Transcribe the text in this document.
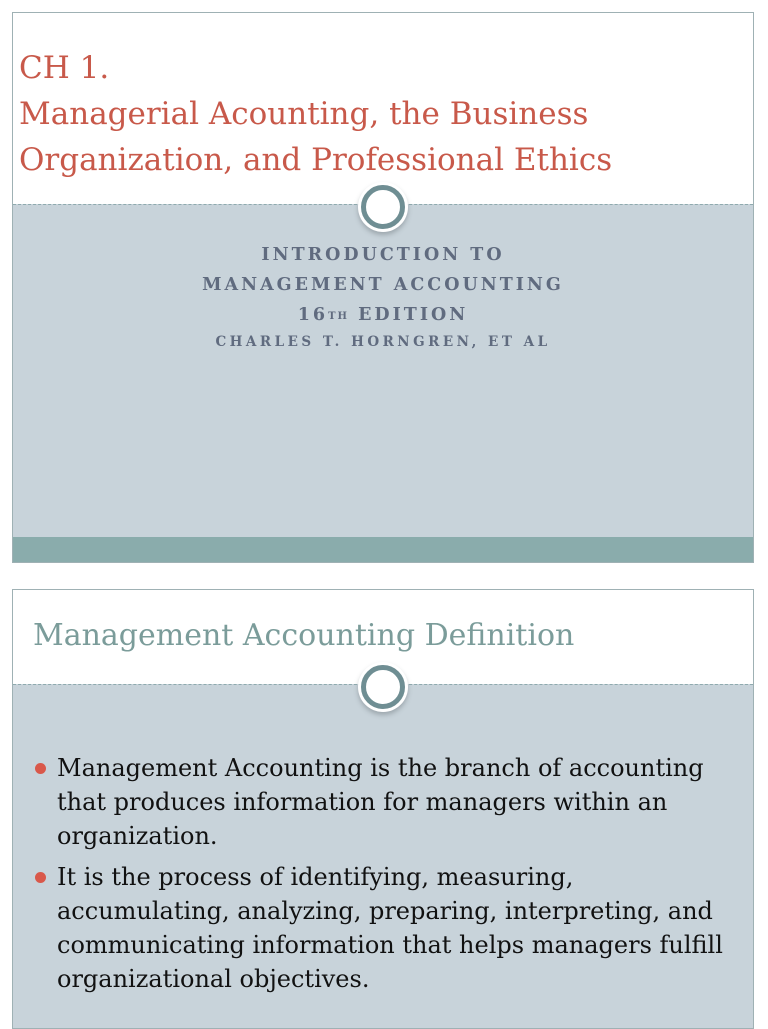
CH 1.
Managerial Acounting, the Business
Organization, and Professional Ethics
INTRODUCTION TO
MANAGEMENT ACCOUNTING
16TH EDITION
CHARLES T. HORNGREN, ET AL
Management Accounting Definition
Management Accounting is the branch of accounting that produces information for managers within an organization.
It is the process of identifying, measuring, accumulating, analyzing, preparing, interpreting, and communicating information that helps managers fulfill organizational objectives.
